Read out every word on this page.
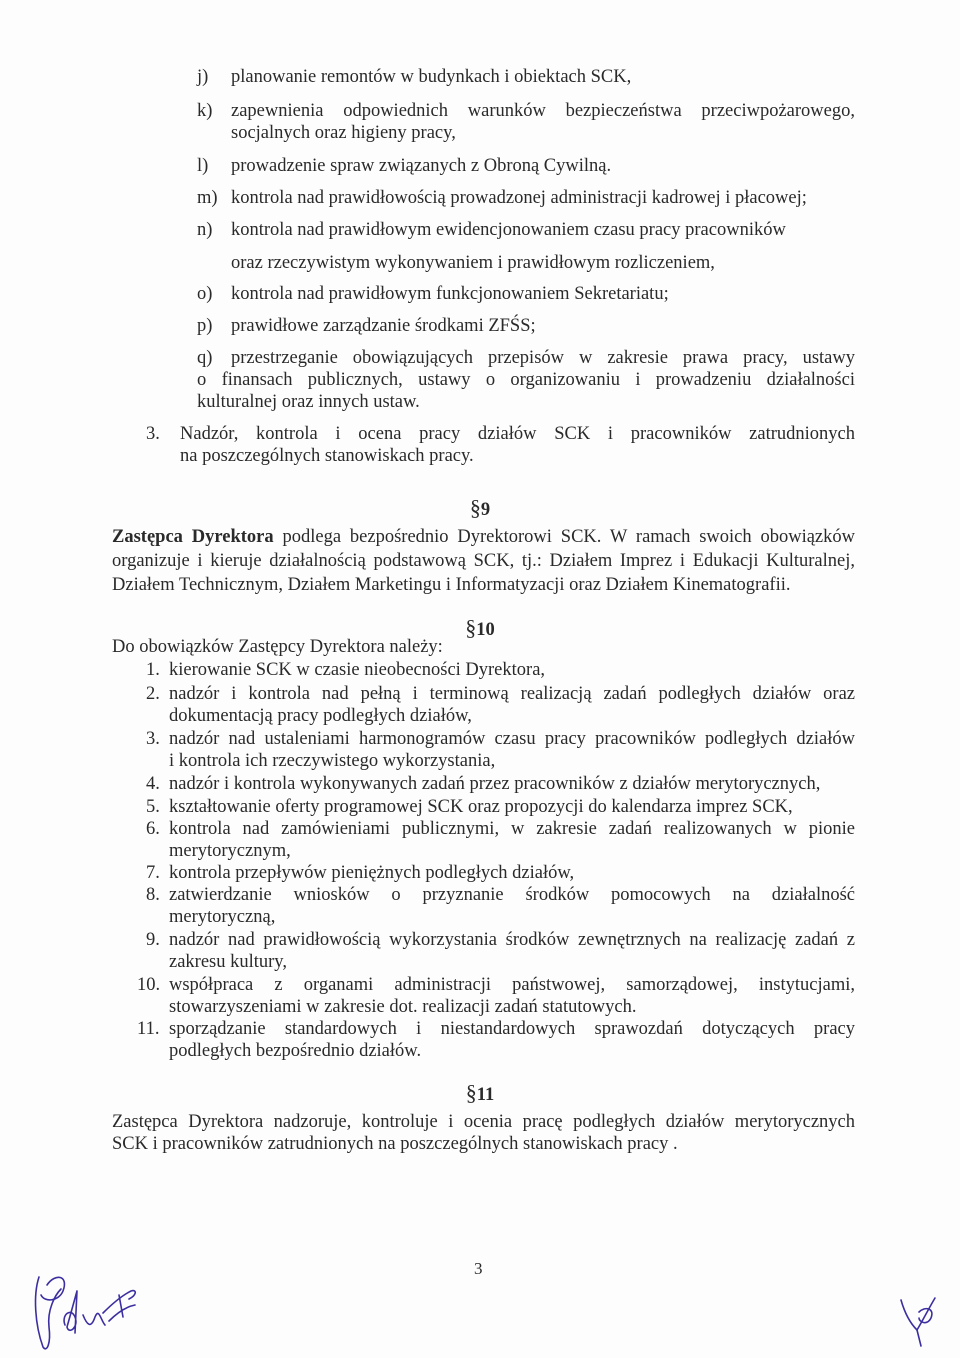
j) planowanie remontów w budynkach i obiektach SCK,
k) zapewnienia odpowiednich warunków bezpieczeństwa przeciwpożarowego,
socjalnych oraz higieny pracy,
l) prowadzenie spraw związanych z Obroną Cywilną.
m) kontrola nad prawidłowością prowadzonej administracji kadrowej i płacowej;
n) kontrola nad prawidłowym ewidencjonowaniem czasu pracy pracowników
oraz rzeczywistym wykonywaniem i prawidłowym rozliczeniem,
o) kontrola nad prawidłowym funkcjonowaniem Sekretariatu;
p) prawidłowe zarządzanie środkami ZFŚS;
q) przestrzeganie obowiązujących przepisów w zakresie prawa pracy, ustawy
o finansach publicznych, ustawy o organizowaniu i prowadzeniu działalności
kulturalnej oraz innych ustaw.
3. Nadzór, kontrola i ocena pracy działów SCK i pracowników zatrudnionych
na poszczególnych stanowiskach pracy.
§9
Zastępca Dyrektora podlega bezpośrednio Dyrektorowi SCK. W ramach swoich obowiązków
organizuje i kieruje działalnością podstawową SCK, tj.: Działem Imprez i Edukacji Kulturalnej,
Działem Technicznym, Działem Marketingu i Informatyzacji oraz Działem Kinematografii.
§10
Do obowiązków Zastępcy Dyrektora należy:
1. kierowanie SCK w czasie nieobecności Dyrektora,
2. nadzór i kontrola nad pełną i terminową realizacją zadań podległych działów oraz
dokumentacją pracy podległych działów,
3. nadzór nad ustaleniami harmonogramów czasu pracy pracowników podległych działów
i kontrola ich rzeczywistego wykorzystania,
4. nadzór i kontrola wykonywanych zadań przez pracowników z działów merytorycznych,
5. kształtowanie oferty programowej SCK oraz propozycji do kalendarza imprez SCK,
6. kontrola nad zamówieniami publicznymi, w zakresie zadań realizowanych w pionie
merytorycznym,
7. kontrola przepływów pieniężnych podległych działów,
8. zatwierdzanie wniosków o przyznanie środków pomocowych na działalność
merytoryczną,
9. nadzór nad prawidłowością wykorzystania środków zewnętrznych na realizację zadań z
zakresu kultury,
10. współpraca z organami administracji państwowej, samorządowej, instytucjami,
stowarzyszeniami w zakresie dot. realizacji zadań statutowych.
11. sporządzanie standardowych i niestandardowych sprawozdań dotyczących pracy
podległych bezpośrednio działów.
§11
Zastępca Dyrektora nadzoruje, kontroluje i ocenia pracę podległych działów merytorycznych
SCK i pracowników zatrudnionych na poszczególnych stanowiskach pracy .
3
